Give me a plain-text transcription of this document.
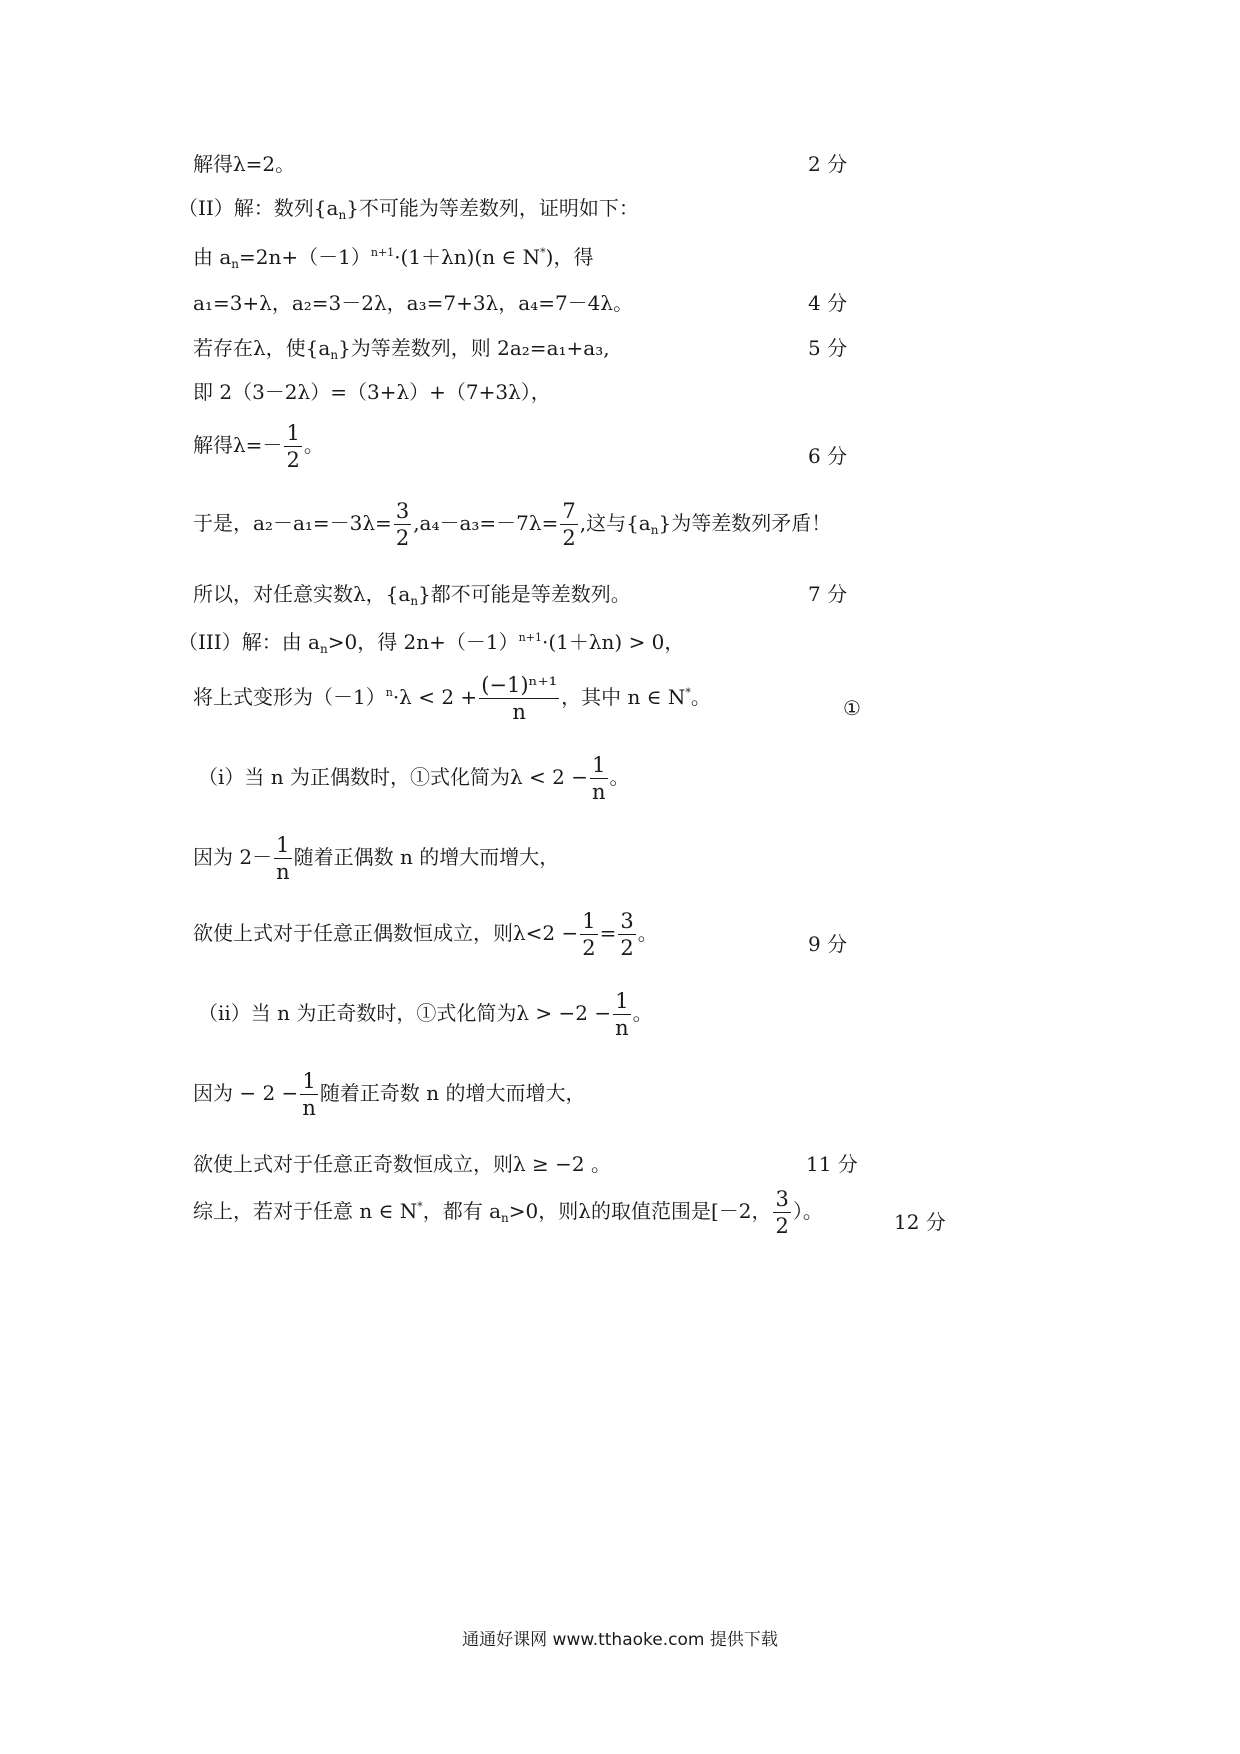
解得λ=2。	2 分
（II）解：数列$\{a_n\}$不可能为等差数列，证明如下：
由 $a_n=2n+(-1)^{n+1}\cdot(1+\lambda n)(n$ ∈ N*)，得
a₁=3+λ，a₂=3－2λ，a₃=7+3λ，a₄=7－4λ。	4 分
若存在λ，使$\{a_n\}$为等差数列，则 2a₂=a₁+a₃,	5 分
即 2（3－2λ）=（3+λ）+（7+3λ），
解得$\lambda=- \frac{1}{2}$ 。	6 分
于是，$a_2-a_1=-3\lambda= \frac{3}{2} ,a_4-a_3=-7\lambda= \frac{7}{2}$ ,这与$\{a_n\}$为等差数列矛盾！
所以，对任意实数λ，$\{a_n\}$都不可能是等差数列。	7 分
（III）解：由 $a_n>0$，得 $2n+(-1)^{n+1}\cdot(1+\lambda n) > 0$，
将上式变形为$(-1)^n\cdot\lambda < 2 + \frac{\text{(−1)ⁿ⁺¹}}{n}$ ，其中 n ∈ N*。	①
（i）当 n 为正偶数时，①式化简为$\lambda < 2 - \frac{1}{n}$ 。
因为 $2- \frac{1}{n}$ 随着正偶数 n 的增大而增大，
欲使上式对于任意正偶数恒成立，则$\lambda<2 - \frac{1}{2} = \frac{3}{2}$ 。	9 分
（ii）当 n 为正奇数时，①式化简为$\lambda > -2 - \frac{1}{n}$ 。
因为 − $2 - \frac{1}{n}$ 随着正奇数 n 的增大而增大，
欲使上式对于任意正奇数恒成立，则λ ≥ −2 。	11 分
综上，若对于任意 n ∈ N*，都有 $a_n>0$，则λ的取值范围是[－2， $\frac{3}{2}$ ）。	12 分
通通好课网 www.tthaoke.com 提供下载
